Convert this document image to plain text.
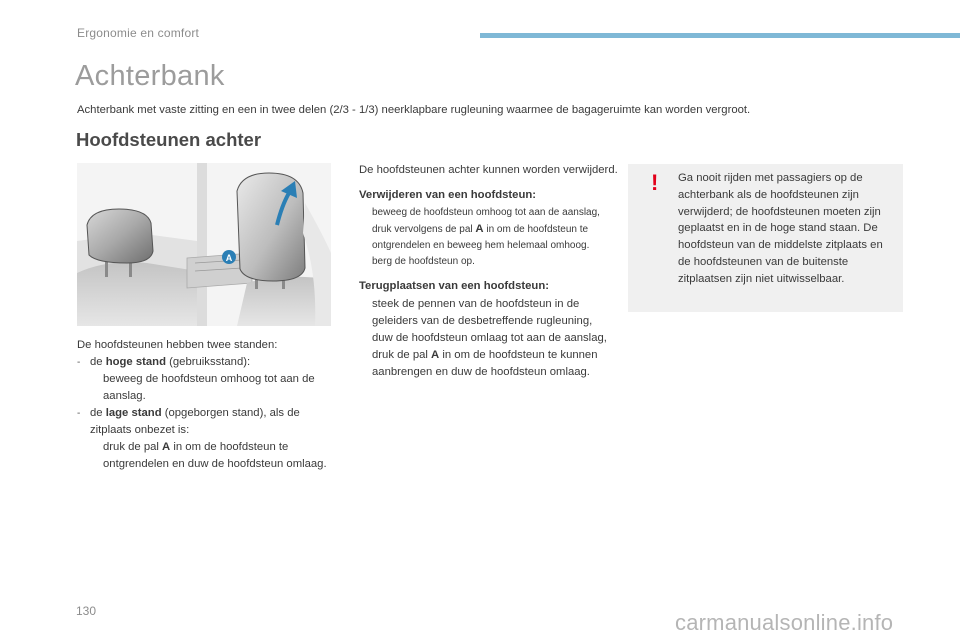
Ergonomie en comfort
Achterbank
Achterbank met vaste zitting en een in twee delen (2/3 - 1/3) neerklapbare rugleuning waarmee de bagageruimte kan worden vergroot.
Hoofdsteunen achter
A

De hoofdsteunen hebben twee standen:

- de hoge stand (gebruiksstand):
beweeg de hoofdsteun omhoog tot aan de aanslag.
- de lage stand (opgeborgen stand), als de zitplaats onbezet is:
druk de pal A in om de hoofdsteun te ontgrendelen en duw de hoofdsteun omlaag.

De hoofdsteunen achter kunnen worden verwijderd.

Verwijderen van een hoofdsteun:
beweeg de hoofdsteun omhoog tot aan de aanslag,
druk vervolgens de pal A in om de hoofdsteun te ontgrendelen en beweeg hem helemaal omhoog.
berg de hoofdsteun op.
Terugplaatsen van een hoofdsteun:
steek de pennen van de hoofdsteun in de geleiders van de desbetreffende rugleuning,
duw de hoofdsteun omlaag tot aan de aanslag,
druk de pal A in om de hoofdsteun te kunnen aanbrengen en duw de hoofdsteun omlaag.
! Ga nooit rijden met passagiers op de achterbank als de hoofdsteunen zijn verwijderd; de hoofdsteunen moeten zijn geplaatst en in de hoge stand staan. De hoofdsteun van de middelste zitplaats en de hoofdsteunen van de buitenste zitplaatsen zijn niet uitwisselbaar.
130	carmanualsonline.info
